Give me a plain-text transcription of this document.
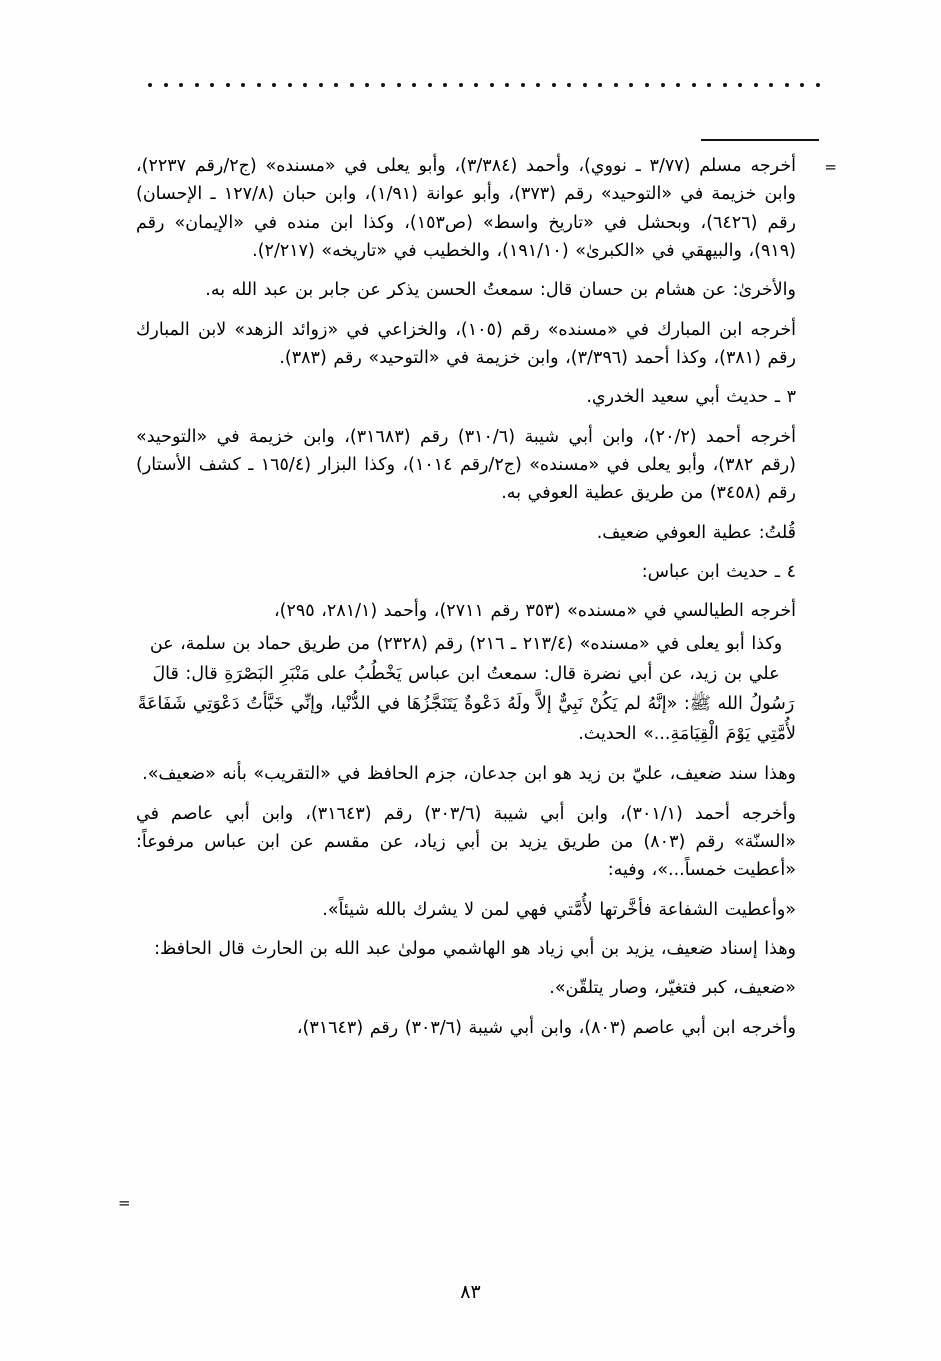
=
=

أخرجه مسلم (٣/٧٧ ـ نووي)، وأحمد (٣/٣٨٤)، وأبو يعلى في «مسنده» (ج٢/رقم ٢٢٣٧)، وابن خزيمة في «التوحيد» رقم (٣٧٣)، وأبو عوانة (١/٩١)، وابن حبان (١٢٧/٨ ـ الإحسان) رقم (٦٤٢٦)، وبحشل في «تاريخ واسط» (ص١٥٣)، وكذا ابن منده في «الإيمان» رقم (٩١٩)، والبيهقي في «الكبرىٰ» (١٩١/١٠)، والخطيب في «تاريخه» (٢/٢١٧).

والأخرىٰ: عن هشام بن حسان قال: سمعتُ الحسن يذكر عن جابر بن عبد الله به.

أخرجه ابن المبارك في «مسنده» رقم (١٠٥)، والخزاعي في «زوائد الزهد» لابن المبارك رقم (٣٨١)، وكذا أحمد (٣/٣٩٦)، وابن خزيمة في «التوحيد» رقم (٣٨٣).

٣ ـ حديث أبي سعيد الخدري.

أخرجه أحمد (٢٠/٢)، وابن أبي شيبة (٣١٠/٦) رقم (٣١٦٨٣)، وابن خزيمة في «التوحيد» (رقم ٣٨٢)، وأبو يعلى في «مسنده» (ج٢/رقم ١٠١٤)، وكذا البزار (١٦٥/٤ ـ كشف الأستار) رقم (٣٤٥٨) من طريق عطية العوفي به.

قُلتُ: عطية العوفي ضعيف.

٤ ـ حديث ابن عباس:

أخرجه الطيالسي في «مسنده» (٣٥٣ رقم ٢٧١١)، وأحمد (٢٨١/١، ٢٩٥)،

وكذا أبو يعلى في «مسنده» (٢١٣/٤ ـ ٢١٦) رقم (٢٣٢٨) من طريق حماد بن سلمة، عن علي بن زيد، عن أبي نضرة قال: سمعتُ ابن عباس يَخْطُبُ على مَنْبَرِ البَصْرَةِ قال: قالَ رَسُولُ الله ﷺ: «إنَّهُ لم يَكُنْ نَبِيٌّ إلاَّ ولَهُ دَعْوةٌ يَتَنَجَّزُهَا في الدُّنْيا، وإنِّي خَبَّأتُ دَعْوَتِي شَفَاعَةً لأُمَّتِي يَوْمَ الْقِيَامَةِ...» الحديث.

وهذا سند ضعيف، عليّ بن زيد هو ابن جدعان، جزم الحافظ في «التقريب» بأنه «ضعيف».

وأخرجه أحمد (٣٠١/١)، وابن أبي شيبة (٣٠٣/٦) رقم (٣١٦٤٣)، وابن أبي عاصم في «السنّة» رقم (٨٠٣) من طريق يزيد بن أبي زياد، عن مقسم عن ابن عباس مرفوعاً: «أعطيت خمساً...»، وفيه:

«وأعطيت الشفاعة فأخَّرتها لأُمَّتي فهي لمن لا يشرك بالله شيئاً».

وهذا إسناد ضعيف، يزيد بن أبي زياد هو الهاشمي مولىٰ عبد الله بن الحارث قال الحافظ:

«ضعيف، كبر فتغيّر، وصار يتلقّن».

وأخرجه ابن أبي عاصم (٨٠٣)، وابن أبي شيبة (٣٠٣/٦) رقم (٣١٦٤٣)،

٨٣
